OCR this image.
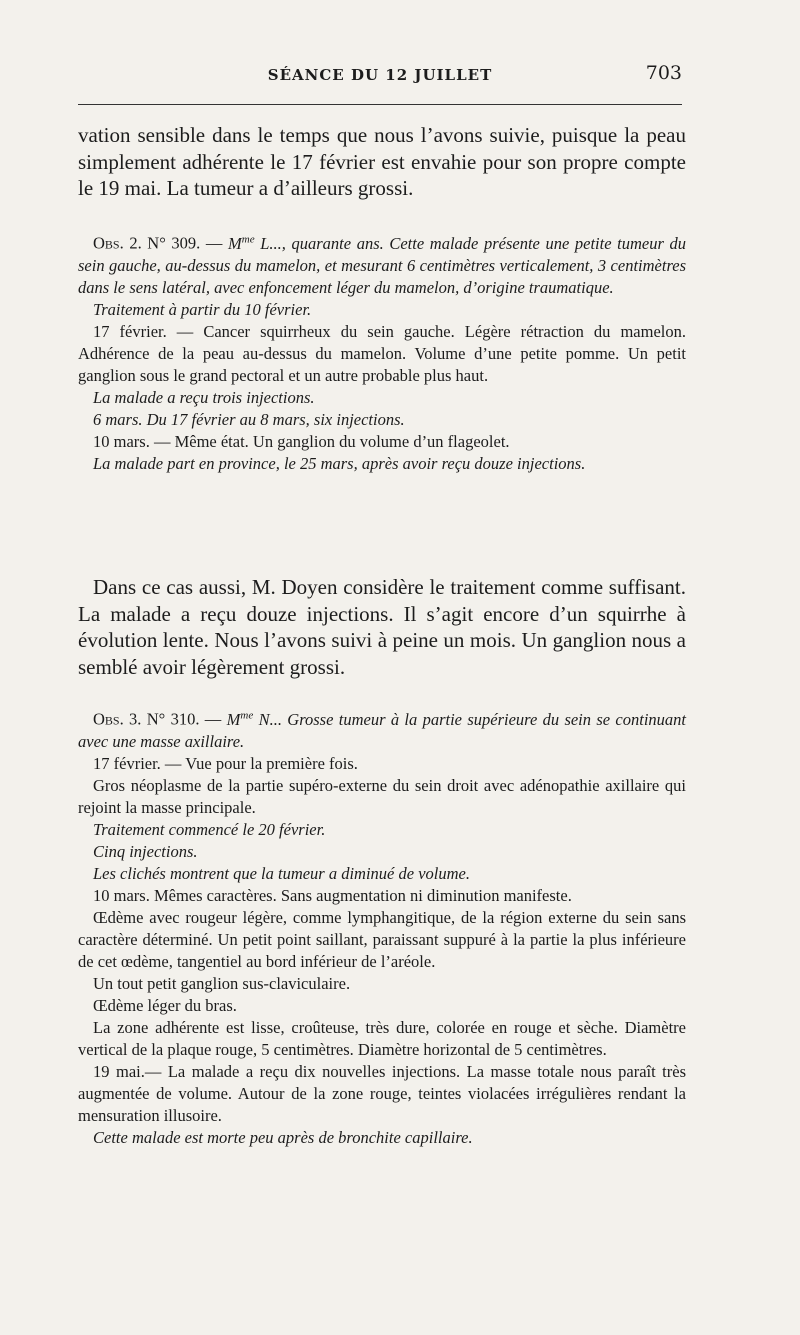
SÉANCE DU 12 JUILLET	703

vation sensible dans le temps que nous l’avons suivie, puisque la peau simplement adhérente le 17 février est envahie pour son propre compte le 19 mai. La tumeur a d’ailleurs grossi.

Obs. 2. N° 309. — $M^{me}$ L..., quarante ans. Cette malade présente une petite tumeur du sein gauche, au-dessus du mamelon, et mesurant 6 centimètres verticalement, 3 centimètres dans le sens latéral, avec enfoncement léger du mamelon, d’origine traumatique.

Traitement à partir du 10 février.

17 février. — Cancer squirrheux du sein gauche. Légère rétraction du mamelon. Adhérence de la peau au-dessus du mamelon. Volume d’une petite pomme. Un petit ganglion sous le grand pectoral et un autre probable plus haut.

La malade a reçu trois injections.

6 mars. Du 17 février au 8 mars, six injections.

10 mars. — Même état. Un ganglion du volume d’un flageolet.

La malade part en province, le 25 mars, après avoir reçu douze injections.

Dans ce cas aussi, M. Doyen considère le traitement comme suffisant. La malade a reçu douze injections. Il s’agit encore d’un squirrhe à évolution lente. Nous l’avons suivi à peine un mois. Un ganglion nous a semblé avoir légèrement grossi.

Obs. 3. N° 310. — $M^{me}$ N... Grosse tumeur à la partie supérieure du sein se continuant avec une masse axillaire.

17 février. — Vue pour la première fois.

Gros néoplasme de la partie supéro-externe du sein droit avec adénopathie axillaire qui rejoint la masse principale.

Traitement commencé le 20 février.

Cinq injections.

Les clichés montrent que la tumeur a diminué de volume.

10 mars. Mêmes caractères. Sans augmentation ni diminution manifeste.

Œdème avec rougeur légère, comme lymphangitique, de la région externe du sein sans caractère déterminé. Un petit point saillant, paraissant suppuré à la partie la plus inférieure de cet œdème, tangentiel au bord inférieur de l’aréole.

Un tout petit ganglion sus-claviculaire.

Œdème léger du bras.

La zone adhérente est lisse, croûteuse, très dure, colorée en rouge et sèche. Diamètre vertical de la plaque rouge, 5 centimètres. Diamètre horizontal de 5 centimètres.

19 mai.— La malade a reçu dix nouvelles injections. La masse totale nous paraît très augmentée de volume. Autour de la zone rouge, teintes violacées irrégulières rendant la mensuration illusoire.

Cette malade est morte peu après de bronchite capillaire.
